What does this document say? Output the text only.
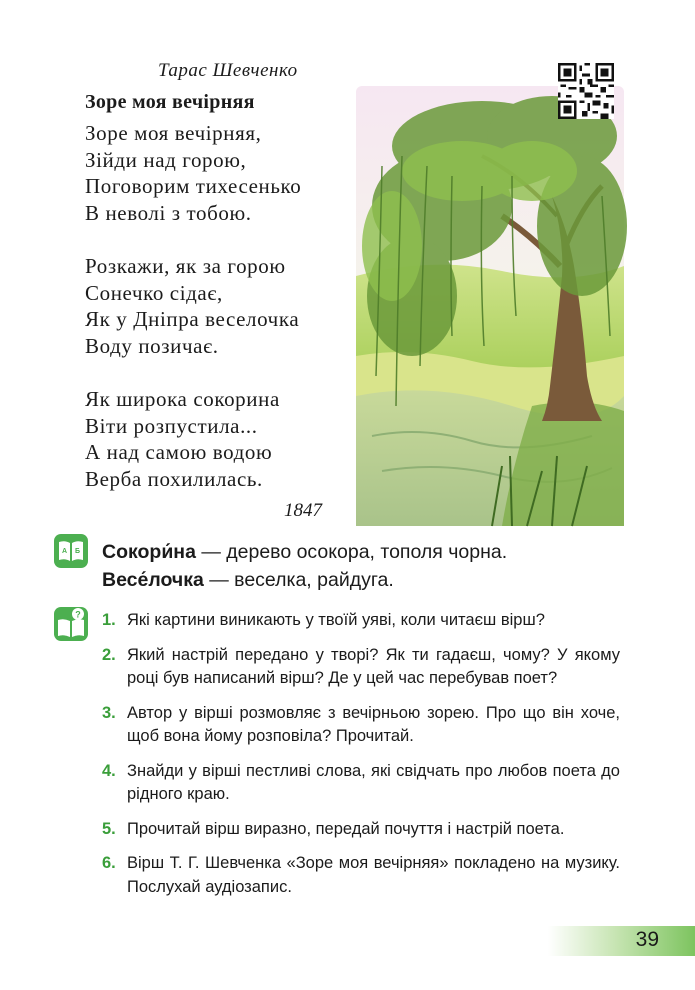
Тарас Шевченко
Зоре моя вечірняя
Зоре моя вечірняя,
Зійди над горою,
Поговорим тихесенько
В неволі з тобою.
Розкажи, як за горою
Сонечко сідає,
Як у Дніпра веселочка
Воду позичає.
Як широка сокорина
Віти розпустила...
А над самою водою
Верба похилилась.
1847
А Б Сокори́на — дерево осокора, тополя чорна.
Весе́лочка — веселка, райдуга.
? 1. Які картини виникають у твоїй уяві, коли читаєш вірш?
2. Який настрій передано у творі? Як ти гадаєш, чому? У якому році був написаний вірш? Де у цей час перебував поет?
3. Автор у вірші розмовляє з вечірньою зорею. Про що він хоче, щоб вона йому розповіла? Прочитай.
4. Знайди у вірші пестливі слова, які свідчать про любов поета до рідного краю.
5. Прочитай вірш виразно, передай почуття і настрій поета.
6. Вірш Т. Г. Шевченка «Зоре моя вечірняя» покладено на музику. Послухай аудіозапис.
39
